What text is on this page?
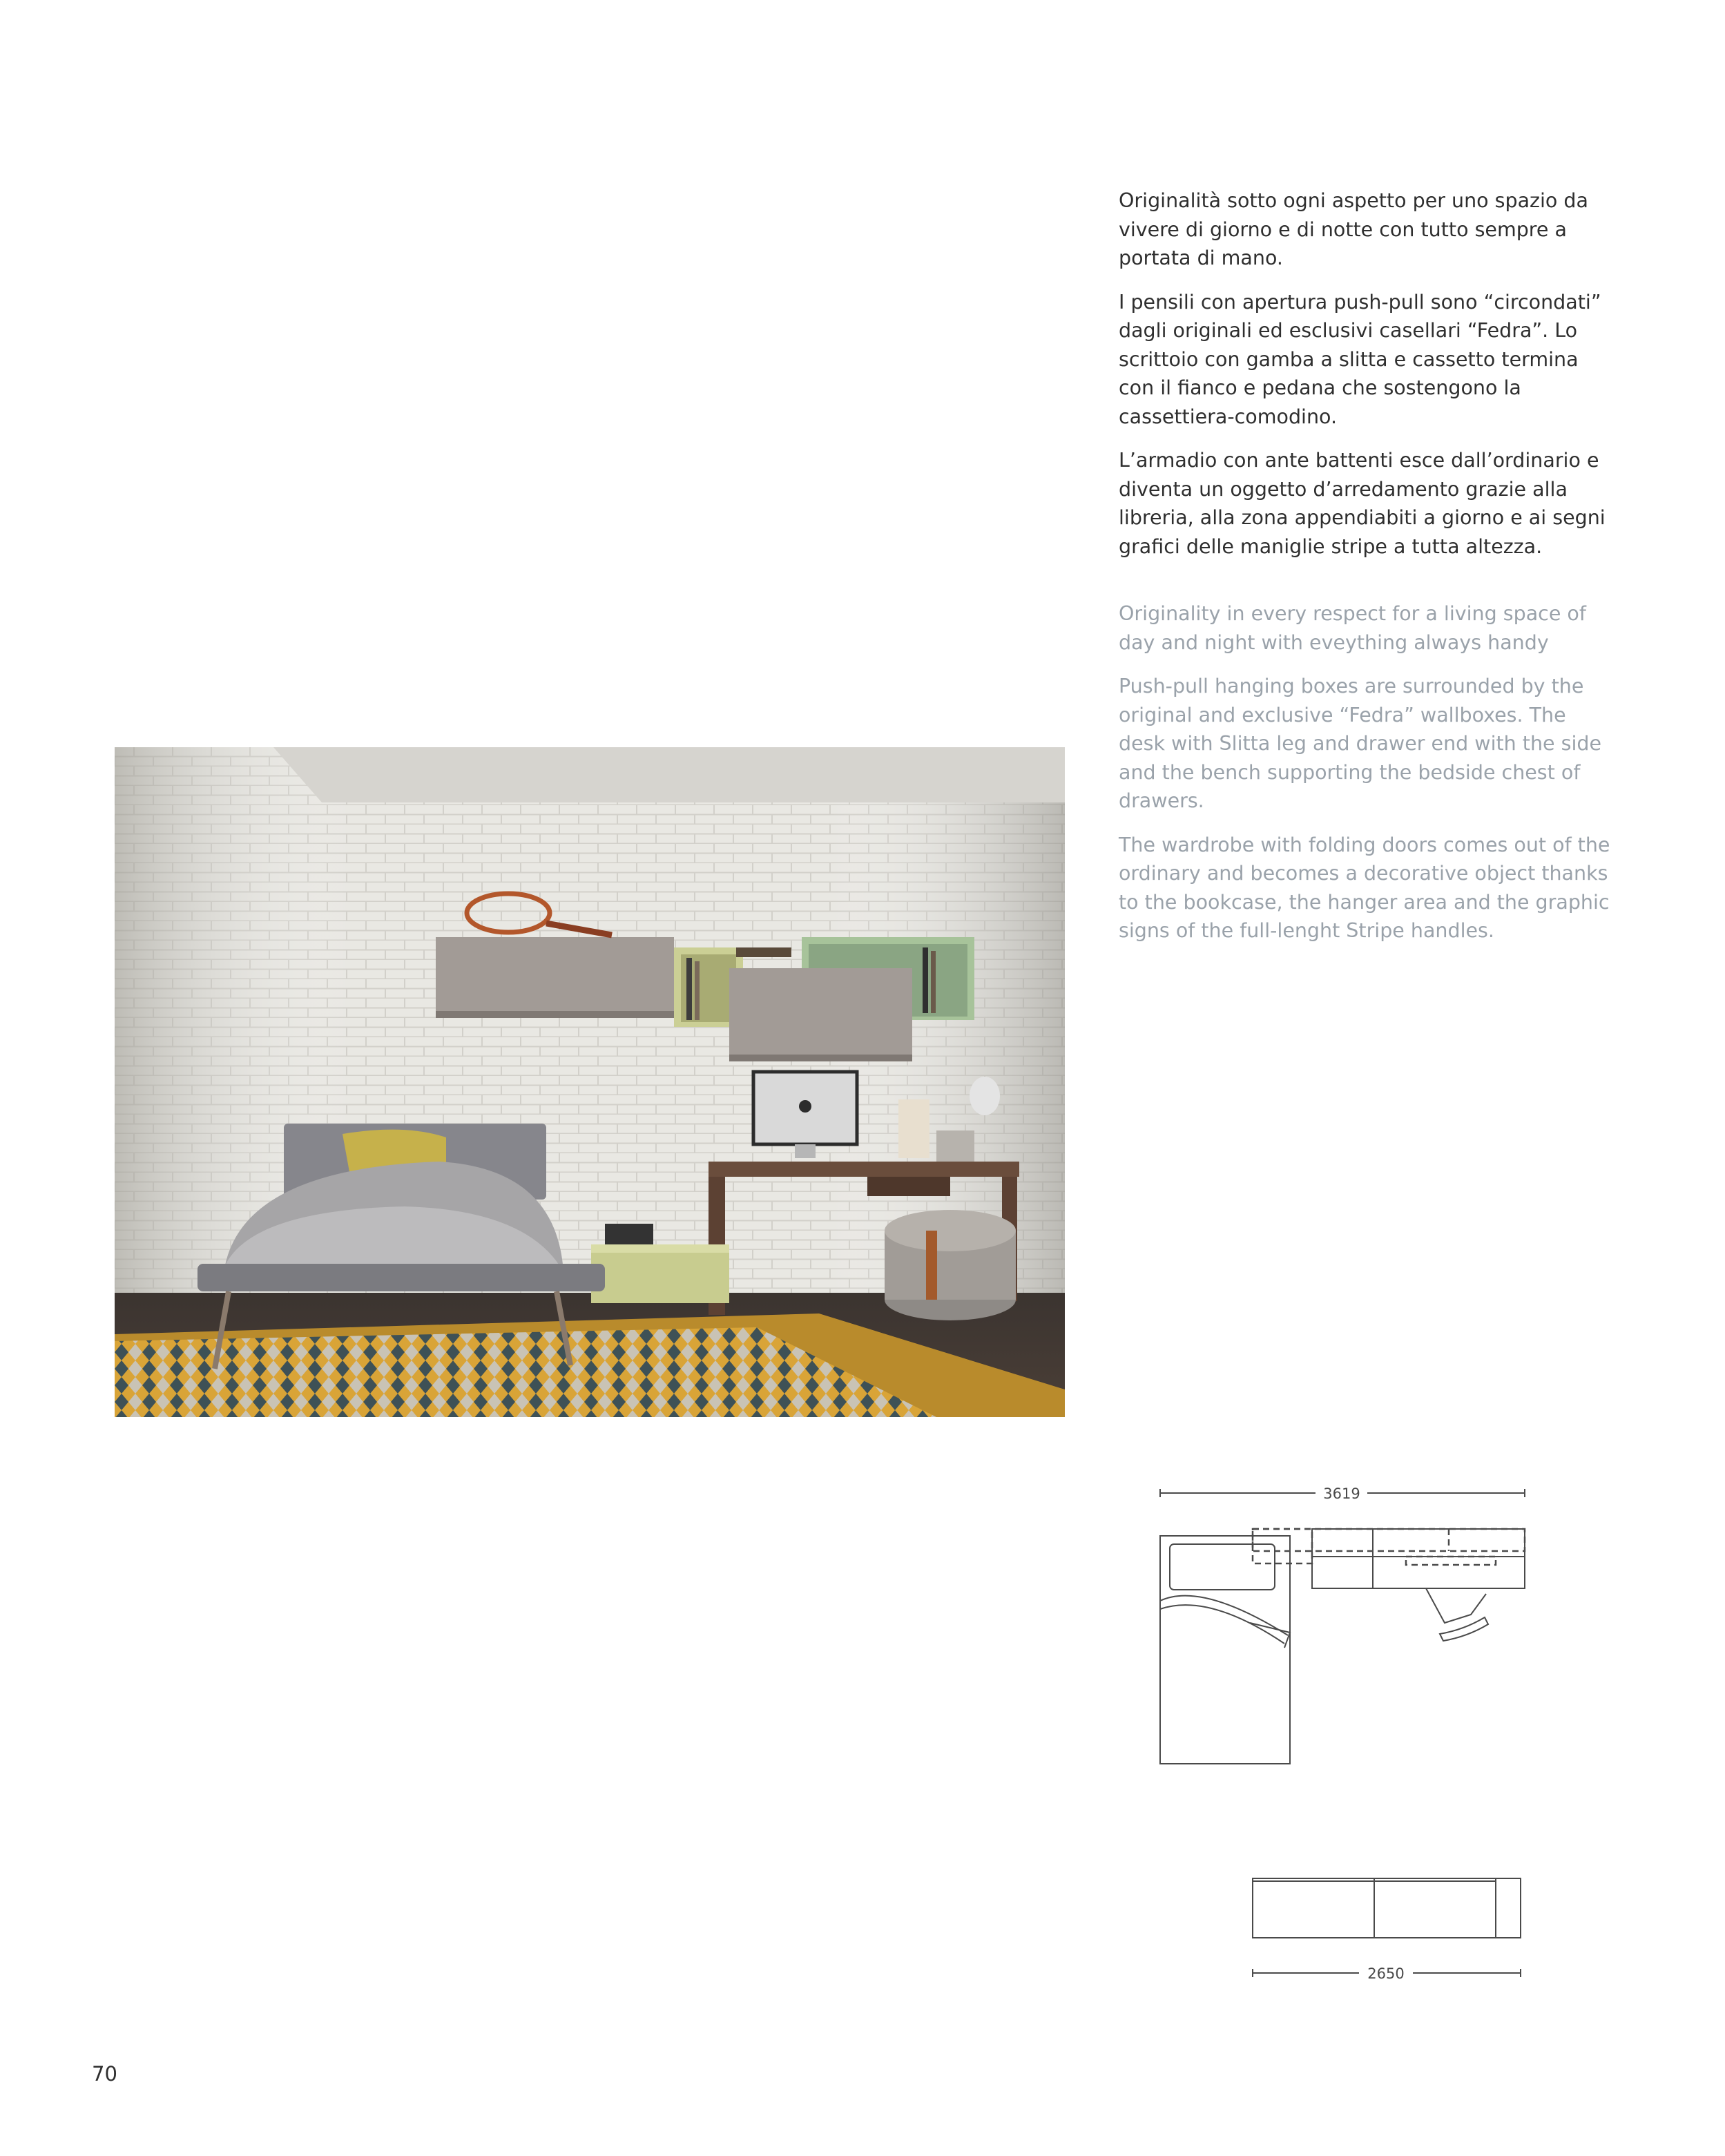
Originalità sotto ogni aspetto per uno spazio da vivere di giorno e di notte con tutto sempre a portata di mano.

I pensili con apertura push-pull sono “circondati” dagli originali ed esclusivi casellari “Fedra”. Lo scrittoio con gamba a slitta e cassetto termina con il fianco e pedana che sostengono la cassettiera-comodino.

L’armadio con ante battenti esce dall’ordinario e diventa un oggetto d’arredamento grazie alla libreria, alla zona appendiabiti a giorno e ai segni grafici delle maniglie stripe a tutta altezza.

Originality in every respect for a living space of day and night with eveything always handy

Push-pull hanging boxes are surrounded by the original and exclusive “Fedra” wallboxes. The desk with Slitta leg and drawer end with the side and the bench supporting the bedside chest of drawers.

The wardrobe with folding doors comes out of the ordinary and becomes a decorative object thanks to the bookcase, the hanger area and the graphic signs of the full-lenght Stripe handles.

3619
2650
70
